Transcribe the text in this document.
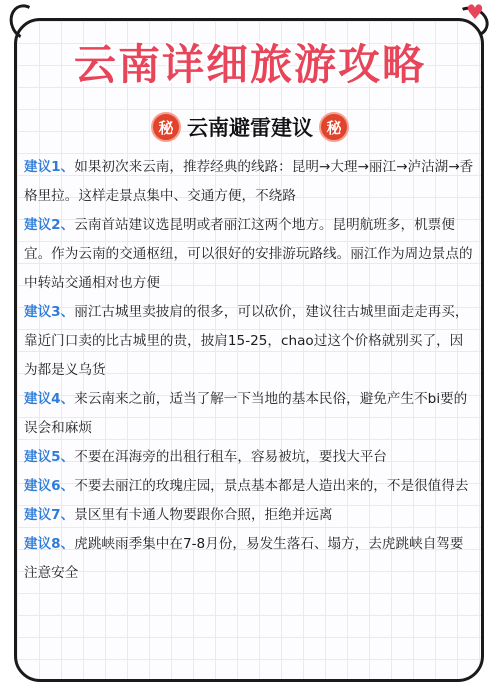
♥
云南详细旅游攻略
秘 云南避雷建议 秘

建议1、如果初次来云南，推荐经典的线路：昆明→大理→丽江→泸沽湖→香格里拉。这样走景点集中、交通方便，不绕路

建议2、云南首站建议选昆明或者丽江这两个地方。昆明航班多，机票便宜。作为云南的交通枢纽，可以很好的安排游玩路线。丽江作为周边景点的中转站交通相对也方便

建议3、丽江古城里卖披肩的很多，可以砍价，建议往古城里面走走再买，靠近门口卖的比古城里的贵，披肩15-25，chao过这个价格就别买了，因为都是义乌货

建议4、来云南来之前，适当了解一下当地的基本民俗，避免产生不bi要的误会和麻烦

建议5、不要在洱海旁的出租行租车，容易被坑，要找大平台

建议6、不要去丽江的玫瑰庄园，景点基本都是人造出来的，不是很值得去

建议7、景区里有卡通人物要跟你合照，拒绝并远离

建议8、虎跳峡雨季集中在7-8月份，易发生落石、塌方，去虎跳峡自驾要注意安全
